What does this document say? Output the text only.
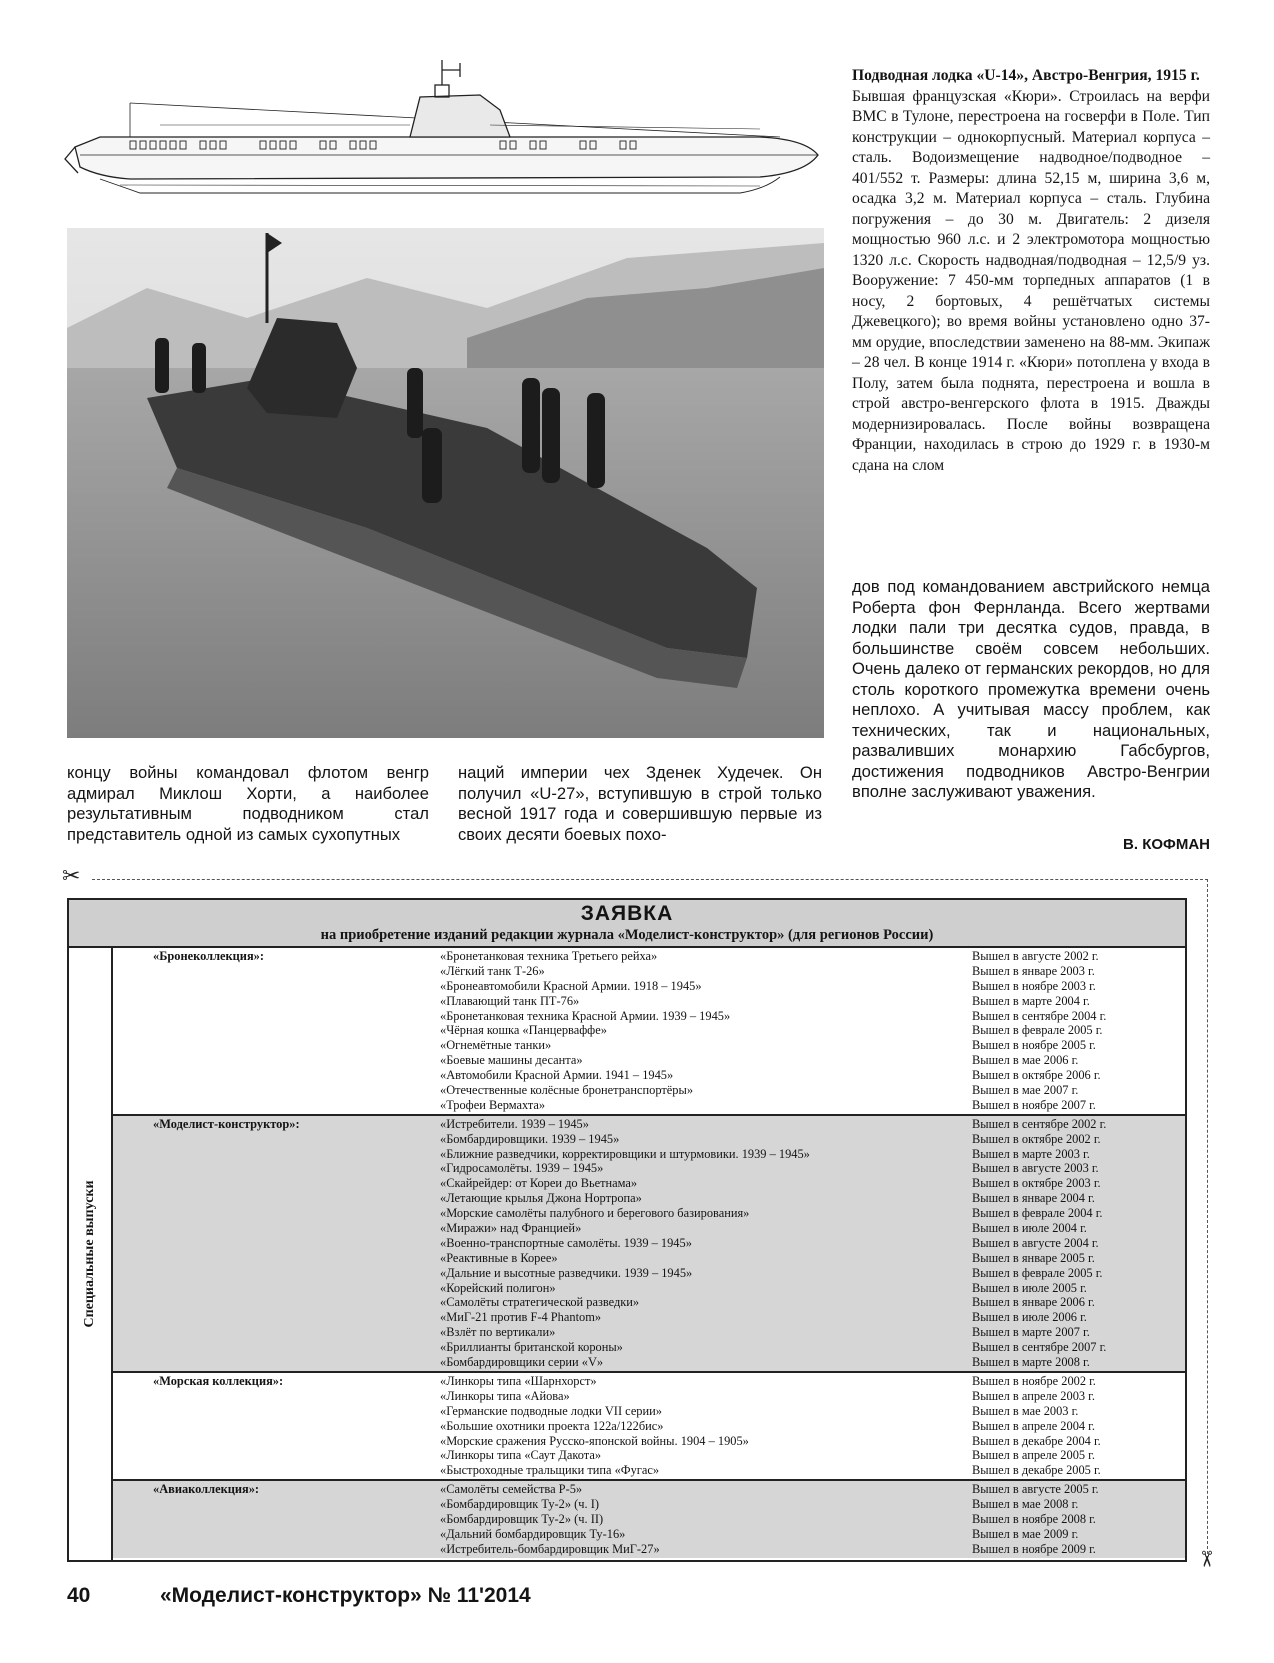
Подводная лодка «U-14», Австро-Венгрия, 1915 г.
Бывшая французская «Кюри». Строилась на верфи ВМС в Тулоне, перестроена на госверфи в Поле. Тип конструкции – однокорпусный. Материал корпуса – сталь. Водоизмещение надводное/подводное – 401/552 т. Размеры: длина 52,15 м, ширина 3,6 м, осадка 3,2 м. Материал корпуса – сталь. Глубина погружения – до 30 м. Двигатель: 2 дизеля мощностью 960 л.с. и 2 электромотора мощностью 1320 л.с. Скорость надводная/подводная – 12,5/9 уз. Вооружение: 7 450-мм торпедных аппаратов (1 в носу, 2 бортовых, 4 решётчатых системы Джевецкого); во время войны установлено одно 37-мм орудие, впоследствии заменено на 88-мм. Экипаж – 28 чел. В конце 1914 г. «Кюри» потоплена у входа в Полу, затем была поднята, перестроена и вошла в строй австро-венгерского флота в 1915. Дважды модернизировалась. После войны возвращена Франции, находилась в строю до 1929 г. в 1930-м сдана на слом
дов под командованием австрийского немца Роберта фон Фернланда. Всего жертвами лодки пали три десятка судов, правда, в большинстве своём совсем небольших. Очень далеко от германских рекордов, но для столь короткого промежутка времени очень неплохо. А учитывая массу проблем, как технических, так и национальных, разваливших монархию Габсбургов, достижения подводников Австро-Венгрии вполне заслуживают уважения.
концу войны командовал флотом венгр адмирал Миклош Хорти, а наиболее результативным подводником стал представитель одной из самых сухопутных
наций империи чех Зденек Худечек. Он получил «U-27», вступившую в строй только весной 1917 года и совершившую первые из своих десяти боевых похо-
В. КОФМАН
✂
✂
ЗАЯВКА
на приобретение изданий редакции журнала «Моделист-конструктор» (для регионов России)
Специальные выпуски
«Бронеколлекция»:	«Бронетанковая техника Третьего рейха»	Вышел в августе 2002 г.
«Лёгкий танк Т-26»	Вышел в январе 2003 г.
«Бронеавтомобили Красной Армии. 1918 – 1945»	Вышел в ноябре 2003 г.
«Плавающий танк ПТ-76»	Вышел в марте 2004 г.
«Бронетанковая техника Красной Армии. 1939 – 1945»	Вышел в сентябре 2004 г.
«Чёрная кошка «Панцерваффе»	Вышел в феврале 2005 г.
«Огнемётные танки»	Вышел в ноябре 2005 г.
«Боевые машины десанта»	Вышел в мае 2006 г.
«Автомобили Красной Армии. 1941 – 1945»	Вышел в октябре 2006 г.
«Отечественные колёсные бронетранспортёры»	Вышел в мае 2007 г.
«Трофеи Вермахта»	Вышел в ноябре 2007 г.
«Моделист-конструктор»:	«Истребители. 1939 – 1945»	Вышел в сентябре 2002 г.
«Бомбардировщики. 1939 – 1945»	Вышел в октябре 2002 г.
«Ближние разведчики, корректировщики и штурмовики. 1939 – 1945»	Вышел в марте 2003 г.
«Гидросамолёты. 1939 – 1945»	Вышел в августе 2003 г.
«Скайрейдер: от Кореи до Вьетнама»	Вышел в октябре 2003 г.
«Летающие крылья Джона Нортропа»	Вышел в январе 2004 г.
«Морские самолёты палубного и берегового базирования»	Вышел в феврале 2004 г.
«Миражи» над Францией»	Вышел в июле 2004 г.
«Военно-транспортные самолёты. 1939 – 1945»	Вышел в августе 2004 г.
«Реактивные в Корее»	Вышел в январе 2005 г.
«Дальние и высотные разведчики. 1939 – 1945»	Вышел в феврале 2005 г.
«Корейский полигон»	Вышел в июле 2005 г.
«Самолёты стратегической разведки»	Вышел в январе 2006 г.
«МиГ-21 против F-4 Phantom»	Вышел в июле 2006 г.
«Взлёт по вертикали»	Вышел в марте 2007 г.
«Бриллианты британской короны»	Вышел в сентябре 2007 г.
«Бомбардировщики серии «V»	Вышел в марте 2008 г.
«Морская коллекция»:	«Линкоры типа «Шарнхорст»	Вышел в ноябре 2002 г.
«Линкоры типа «Айова»	Вышел в апреле 2003 г.
«Германские подводные лодки VII серии»	Вышел в мае 2003 г.
«Большие охотники проекта 122а/122бис»	Вышел в апреле 2004 г.
«Морские сражения Русско-японской войны. 1904 – 1905»	Вышел в декабре 2004 г.
«Линкоры типа «Саут Дакота»	Вышел в апреле 2005 г.
«Быстроходные тральщики типа «Фугас»	Вышел в декабре 2005 г.
«Авиаколлекция»:	«Самолёты семейства Р-5»	Вышел в августе 2005 г.
«Бомбардировщик Ту-2» (ч. I)	Вышел в мае 2008 г.
«Бомбардировщик Ту-2» (ч. II)	Вышел в ноябре 2008 г.
«Дальний бомбардировщик Ту-16»	Вышел в мае 2009 г.
«Истребитель-бомбардировщик МиГ-27»	Вышел в ноябре 2009 г.
40	«Моделист-конструктор» № 11'2014
